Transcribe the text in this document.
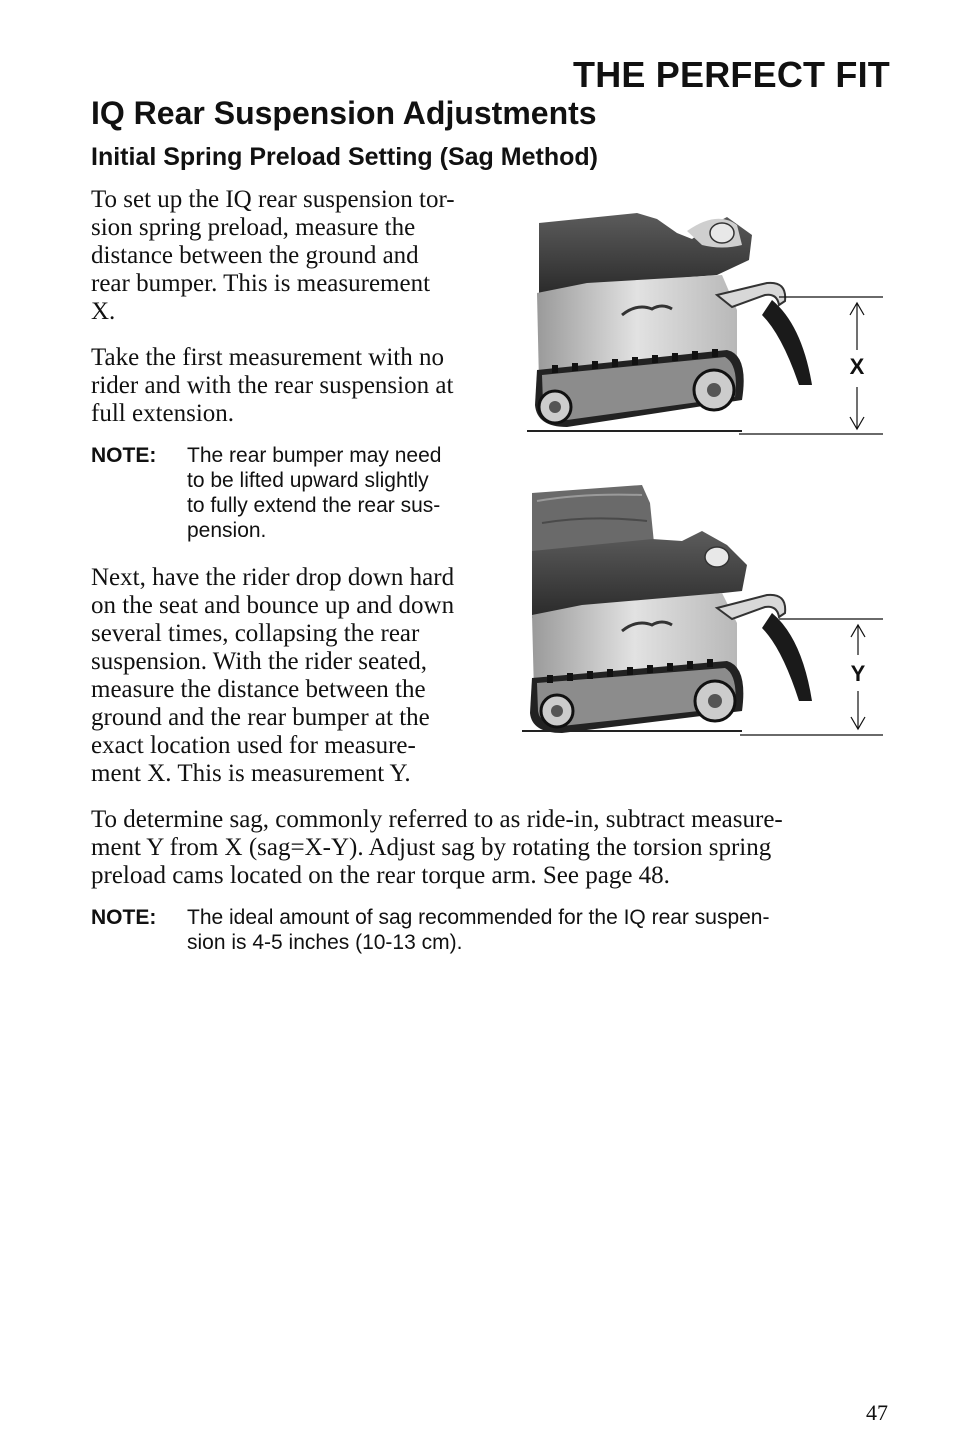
THE PERFECT FIT
IQ Rear Suspension Adjustments
Initial Spring Preload Setting (Sag Method)
To set up the IQ rear suspension tor-
sion spring preload, measure the
distance between the ground and
rear bumper. This is measurement
X.
Take the first measurement with no
rider and with the rear suspension at
full extension.
NOTE: The rear bumper may need
to be lifted upward slightly
to fully extend the rear sus-
pension.
Next, have the rider drop down hard
on the seat and bounce up and down
several times, collapsing the rear
suspension. With the rider seated,
measure the distance between the
ground and the rear bumper at the
exact location used for measure-
ment X. This is measurement Y.
To determine sag, commonly referred to as ride-in, subtract measure-
ment Y from X (sag=X-Y). Adjust sag by rotating the torsion spring
preload cams located on the rear torque arm. See page 48.
NOTE: The ideal amount of sag recommended for the IQ rear suspen-
sion is 4-5 inches (10-13 cm).
X
Y
47
